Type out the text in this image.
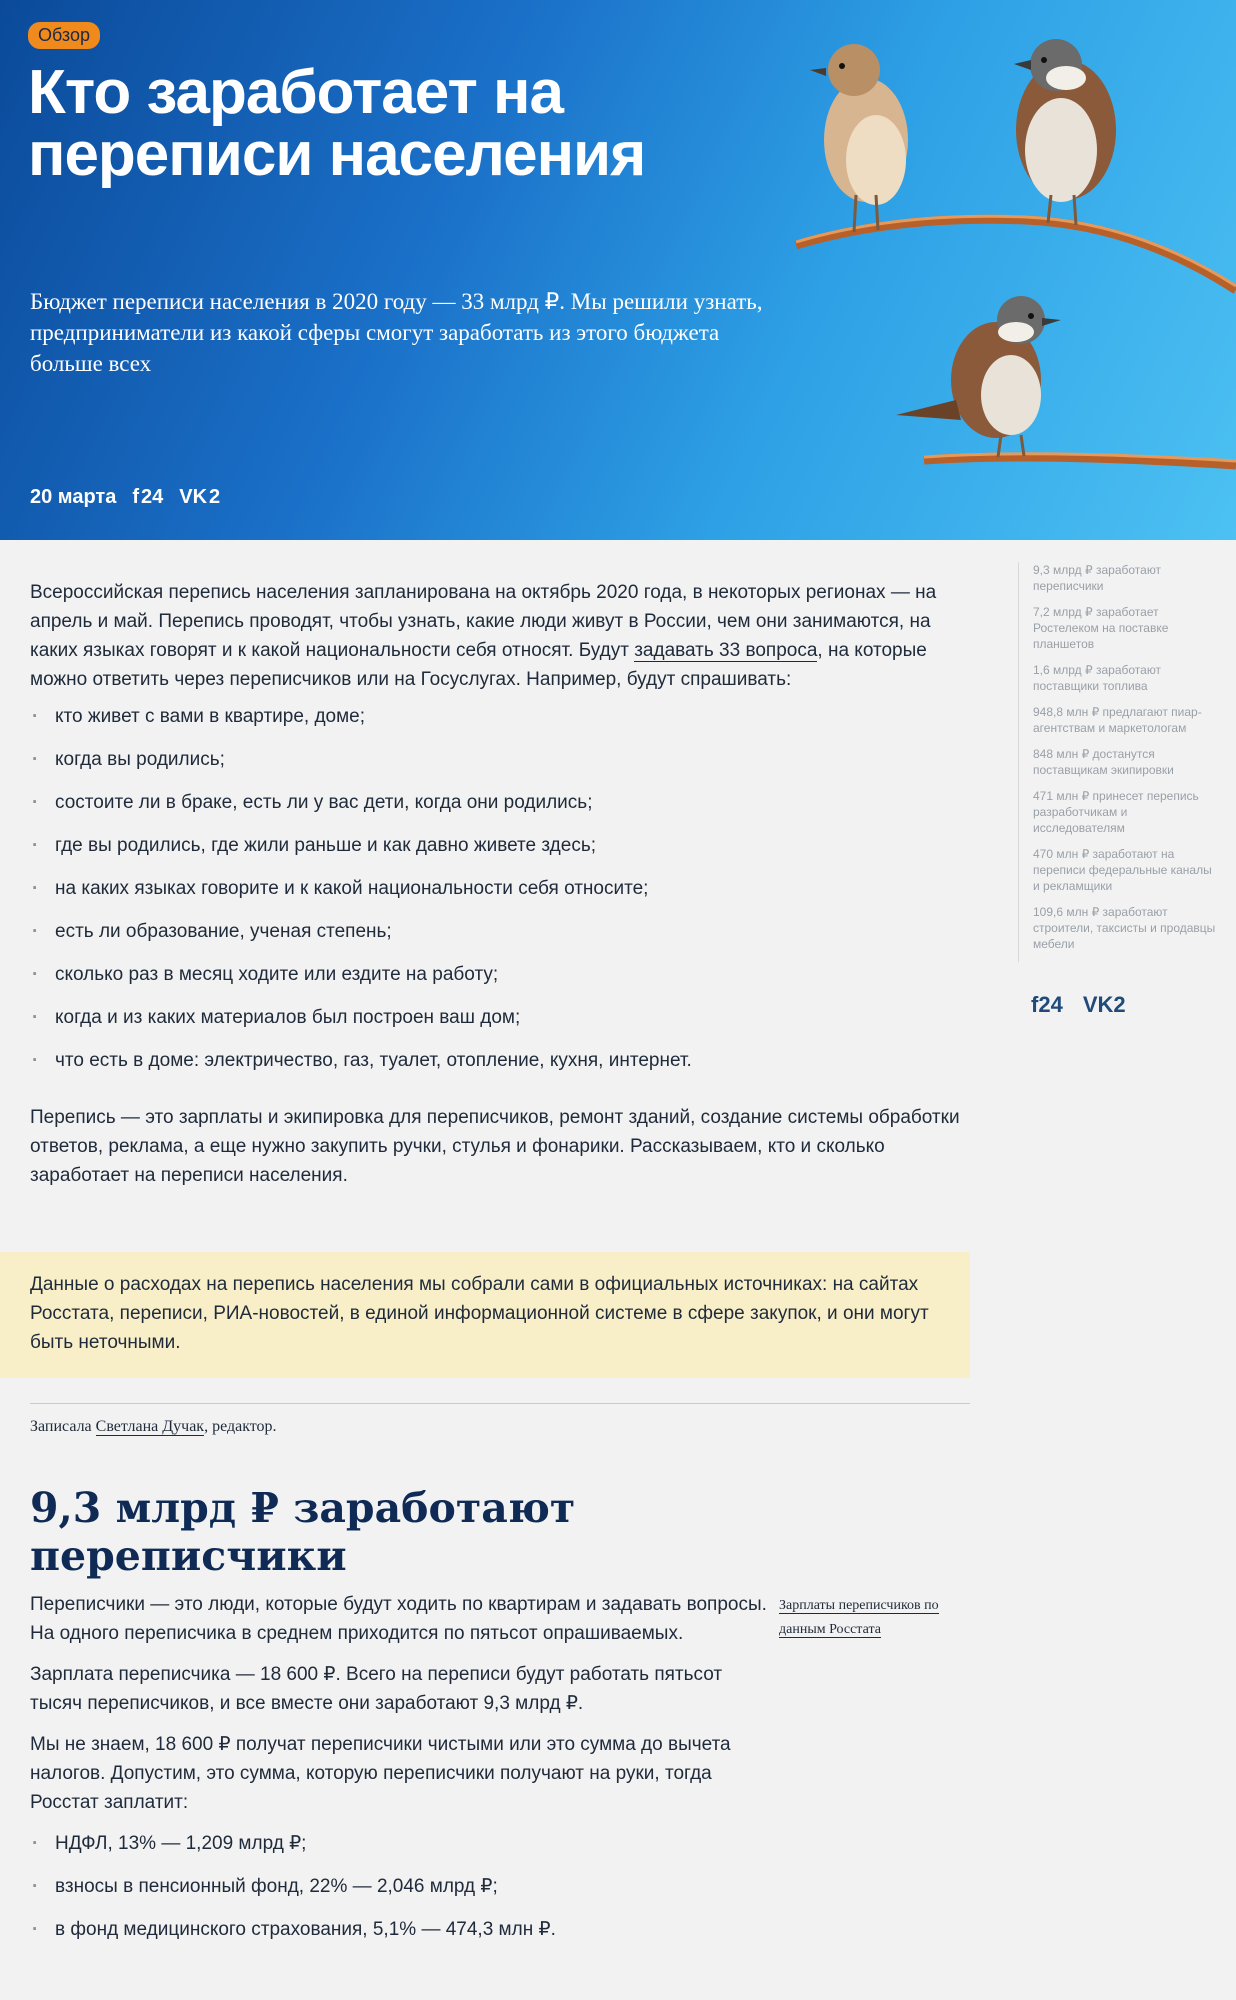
Обзор
Кто заработает на переписи населения

Бюджет переписи населения в 2020 году — 33 млрд ₽. Мы решили узнать, предприниматели из какой сферы смогут заработать из этого бюджета больше всех

20 марта f 24 VK 2

Всероссийская перепись населения запланирована на октябрь 2020 года, в некоторых регионах — на апрель и май. Перепись проводят, чтобы узнать, какие люди живут в России, чем они занимаются, на каких языках говорят и к какой национальности себя относят. Будут задавать 33 вопроса, на которые можно ответить через переписчиков или на Госуслугах. Например, будут спрашивать:

· кто живет с вами в квартире, доме;
· когда вы родились;
· состоите ли в браке, есть ли у вас дети, когда они родились;
· где вы родились, где жили раньше и как давно живете здесь;
· на каких языках говорите и к какой национальности себя относите;
· есть ли образование, ученая степень;
· сколько раз в месяц ходите или ездите на работу;
· когда и из каких материалов был построен ваш дом;
· что есть в доме: электричество, газ, туалет, отопление, кухня, интернет.

Перепись — это зарплаты и экипировка для переписчиков, ремонт зданий, создание системы обработки ответов, реклама, а еще нужно закупить ручки, стулья и фонарики. Рассказываем, кто и сколько заработает на переписи населения.

Данные о расходах на перепись населения мы собрали сами в официальных источниках: на сайтах Росстата, переписи, РИА-новостей, в единой информационной системе в сфере закупок, и они могут быть неточными.
Записала Светлана Дучак, редактор.
9,3 млрд ₽ заработают переписчики

Переписчики — это люди, которые будут ходить по квартирам и задавать вопросы. На одного переписчика в среднем приходится по пятьсот опрашиваемых.

Зарплата переписчика — 18 600 ₽. Всего на переписи будут работать пятьсот тысяч переписчиков, и все вместе они заработают 9,3 млрд ₽.

Мы не знаем, 18 600 ₽ получат переписчики чистыми или это сумма до вычета налогов. Допустим, это сумма, которую переписчики получают на руки, тогда Росстат заплатит:

· НДФЛ, 13% — 1,209 млрд ₽;
· взносы в пенсионный фонд, 22% — 2,046 млрд ₽;
· в фонд медицинского страхования, 5,1% — 474,3 млн ₽.
Зарплаты переписчиков по данным Росстата
9,3 млрд ₽ заработают переписчики
7,2 млрд ₽ заработает Ростелеком на поставке планшетов
1,6 млрд ₽ заработают поставщики топлива
948,8 млн ₽ предлагают пиар-агентствам и маркетологам
848 млн ₽ достанутся поставщикам экипировки
471 млн ₽ принесет перепись разработчикам и исследователям
470 млн ₽ заработают на переписи федеральные каналы и рекламщики
109,6 млн ₽ заработают строители, таксисты и продавцы мебели
f24 VK2
